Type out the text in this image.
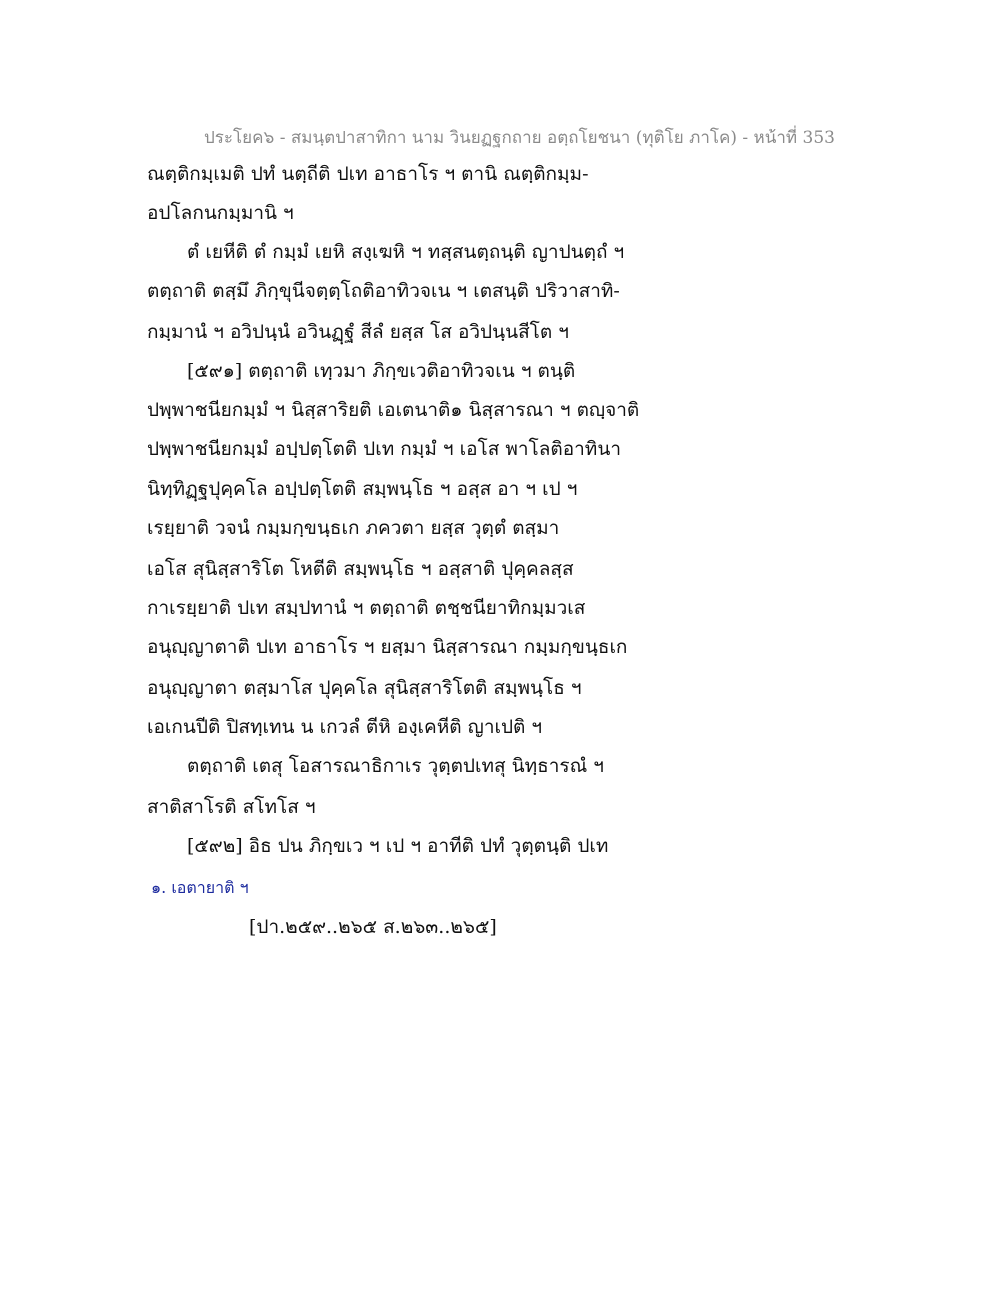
ประโยค๖ - สมนฺตปาสาทิกา นาม วินยฏฐกถาย อตฺถโยชนา (ทุติโย ภาโค) - หน้าที่ 353
ณตฺติกมฺเมติ ปทํ นตฺถีติ ปเท อาธาโร ฯ ตานิ ณตฺติกมฺม-
อปโลกนกมฺมานิ ฯ
ตํ เยหีติ ตํ กมฺมํ เยหิ สงฺเฆหิ ฯ ทสฺสนตฺถนฺติ ญาปนตฺถํ ฯ
ตตฺถาติ ตสฺมึ ภิกฺขุนีจตฺตฺโถติอาทิวจเน ฯ เตสนฺติ ปริวาสาทิ-
กมฺมานํ ฯ อวิปนฺนํ อวินฏฺฐํ สีลํ ยสฺส โส อวิปนฺนสีโต ฯ
[๕๙๑] ตตฺถาติ เทฺวมา ภิกฺขเวติอาทิวจเน ฯ ตนฺติ
ปพฺพาชนียกมฺมํ ฯ นิสฺสาริยติ เอเตนาติ๑ นิสฺสารณา ฯ ตญฺจาติ
ปพฺพาชนียกมฺมํ อปฺปตฺโตติ ปเท กมฺมํ ฯ เอโส พาโลติอาทินา
นิทฺทิฏฺฐปุคฺคโล อปฺปตฺโตติ สมฺพนฺโธ ฯ อสฺส อา ฯ เป ฯ
เรยฺยาติ วจนํ กมฺมกฺขนฺธเก ภควตา ยสฺส วุตฺตํ ตสฺมา
เอโส สุนิสฺสาริโต โหตีติ สมฺพนฺโธ ฯ อสฺสาติ ปุคฺคลสฺส
กาเรยฺยาติ ปเท สมฺปทานํ ฯ ตตฺถาติ ตชฺชนียาทิกมฺมวเส
อนุญฺญาตาติ ปเท อาธาโร ฯ ยสฺมา นิสฺสารณา กมฺมกฺขนฺธเก
อนุญฺญาตา ตสฺมาโส ปุคฺคโล สุนิสฺสาริโตติ สมฺพนฺโธ ฯ
เอเกนปีติ ปิสทฺเทน น เกวลํ ตีหิ องฺเคหีติ ญาเปติ ฯ
ตตฺถาติ เตสุ โอสารณาธิกาเร วุตฺตปเทสุ นิทฺธารณํ ฯ
สาติสาโรติ สโทโส ฯ
[๕๙๒] อิธ ปน ภิกฺขเว ฯ เป ฯ อาทีติ ปทํ วุตฺตนฺติ ปเท
๑. เอตายาติ ฯ
[ปา.๒๕๙..๒๖๕ ส.๒๖๓..๒๖๕]
